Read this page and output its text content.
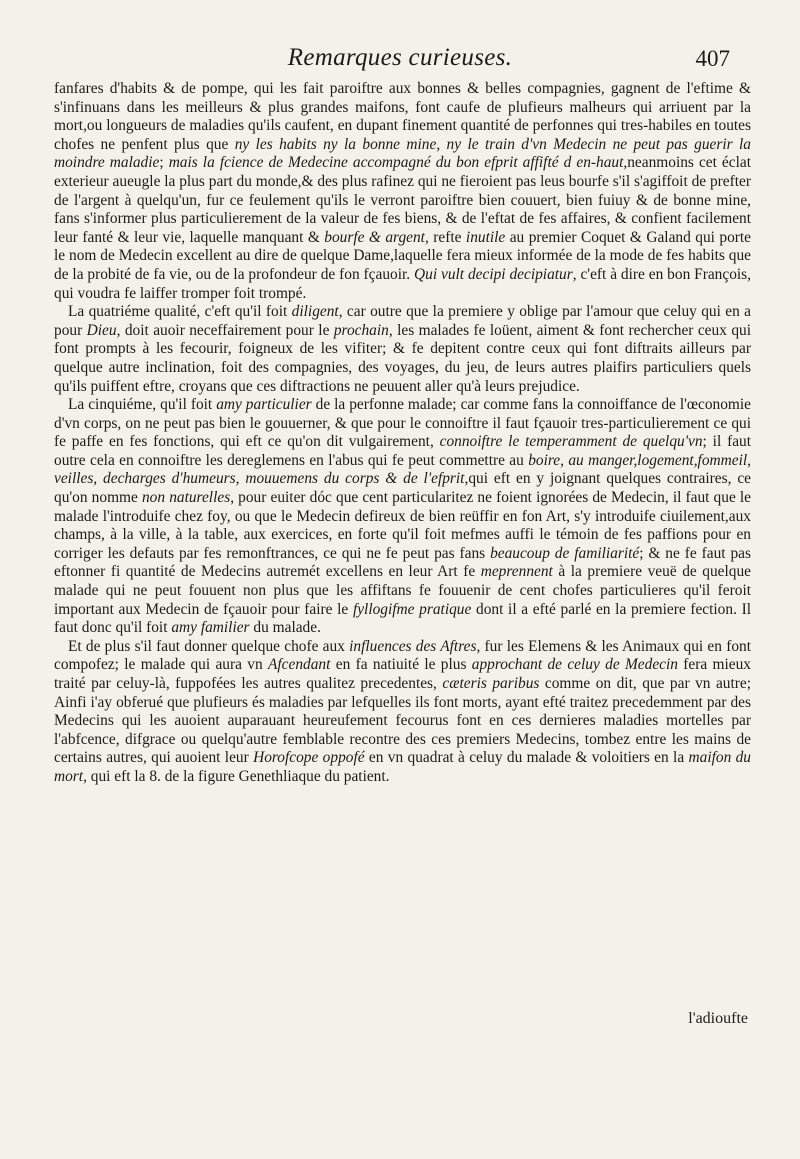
Remarques curieuses.	407

fanfares d'habits & de pompe, qui les fait paroiftre aux bonnes & belles compagnies, gagnent de l'eftime & s'infinuans dans les meilleurs & plus grandes maifons, font caufe de plufieurs malheurs qui arriuent par la mort,ou longueurs de maladies qu'ils caufent, en dupant finement quantité de perfonnes qui tres-habiles en toutes chofes ne penfent plus que ny les habits ny la bonne mine, ny le train d'vn Medecin ne peut pas guerir la moindre maladie; mais la fcience de Medecine accompagné du bon efprit affifté d en-haut,neanmoins cet éclat exterieur aueugle la plus part du monde,& des plus rafinez qui ne fieroient pas leus bourfe s'il s'agiffoit de prefter de l'argent à quelqu'un, fur ce feulement qu'ils le verront paroiftre bien couuert, bien fuiuy & de bonne mine, fans s'informer plus particulierement de la valeur de fes biens, & de l'eftat de fes affaires, & confient facilement leur fanté & leur vie, laquelle manquant & bourfe & argent, refte inutile au premier Coquet & Galand qui porte le nom de Medecin excellent au dire de quelque Dame,laquelle fera mieux informée de la mode de fes habits que de la probité de fa vie, ou de la profondeur de fon fçauoir. Qui vult decipi decipiatur, c'eft à dire en bon François, qui voudra fe laiffer tromper foit trompé.

La quatriéme qualité, c'eft qu'il foit diligent, car outre que la premiere y oblige par l'amour que celuy qui en a pour Dieu, doit auoir neceffairement pour le prochain, les malades fe loüent, aiment & font rechercher ceux qui font prompts à les fecourir, foigneux de les vifiter; & fe depitent contre ceux qui font diftraits ailleurs par quelque autre inclination, foit des compagnies, des voyages, du jeu, de leurs autres plaifirs particuliers quels qu'ils puiffent eftre, croyans que ces diftractions ne peuuent aller qu'à leurs prejudice.

La cinquiéme, qu'il foit amy particulier de la perfonne malade; car comme fans la connoiffance de l'œconomie d'vn corps, on ne peut pas bien le gouuerner, & que pour le connoiftre il faut fçauoir tres-particulierement ce qui fe paffe en fes fonctions, qui eft ce qu'on dit vulgairement, connoiftre le temperamment de quelqu'vn; il faut outre cela en connoiftre les dereglemens en l'abus qui fe peut commettre au boire, au manger,logement,fommeil, veilles, decharges d'humeurs, mouuemens du corps & de l'efprit,qui eft en y joignant quelques contraires, ce qu'on nomme non naturelles, pour euiter dóc que cent particularitez ne foient ignorées de Medecin, il faut que le malade l'introduife chez foy, ou que le Medecin defireux de bien reüffir en fon Art, s'y introduife ciuilement,aux champs, à la ville, à la table, aux exercices, en forte qu'il foit mefmes auffi le témoin de fes paffions pour en corriger les defauts par fes remonftrances, ce qui ne fe peut pas fans beaucoup de familiarité; & ne fe faut pas eftonner fi quantité de Medecins autremét excellens en leur Art fe meprennent à la premiere veuë de quelque malade qui ne peut fouuent non plus que les affiftans fe fouuenir de cent chofes particulieres qu'il feroit important aux Medecin de fçauoir pour faire le fyllogifme pratique dont il a efté parlé en la premiere fection. Il faut donc qu'il foit amy familier du malade.

Et de plus s'il faut donner quelque chofe aux influences des Aftres, fur les Elemens & les Animaux qui en font compofez; le malade qui aura vn Afcendant en fa natiuité le plus approchant de celuy de Medecin fera mieux traité par celuy-là, fuppofées les autres qualitez precedentes, cæteris paribus comme on dit, que par vn autre; Ainfi i'ay obferué que plufieurs és maladies par lefquelles ils font morts, ayant efté traitez precedemment par des Medecins qui les auoient auparauant heureufement fecourus font en ces dernieres maladies mortelles par l'abfcence, difgrace ou quelqu'autre femblable recontre des ces premiers Medecins, tombez entre les mains de certains autres, qui auoient leur Horofcope oppofé en vn quadrat à celuy du malade & voloitiers en la maifon du mort, qui eft la 8. de la figure Genethliaque du patient.

l'adioufte
